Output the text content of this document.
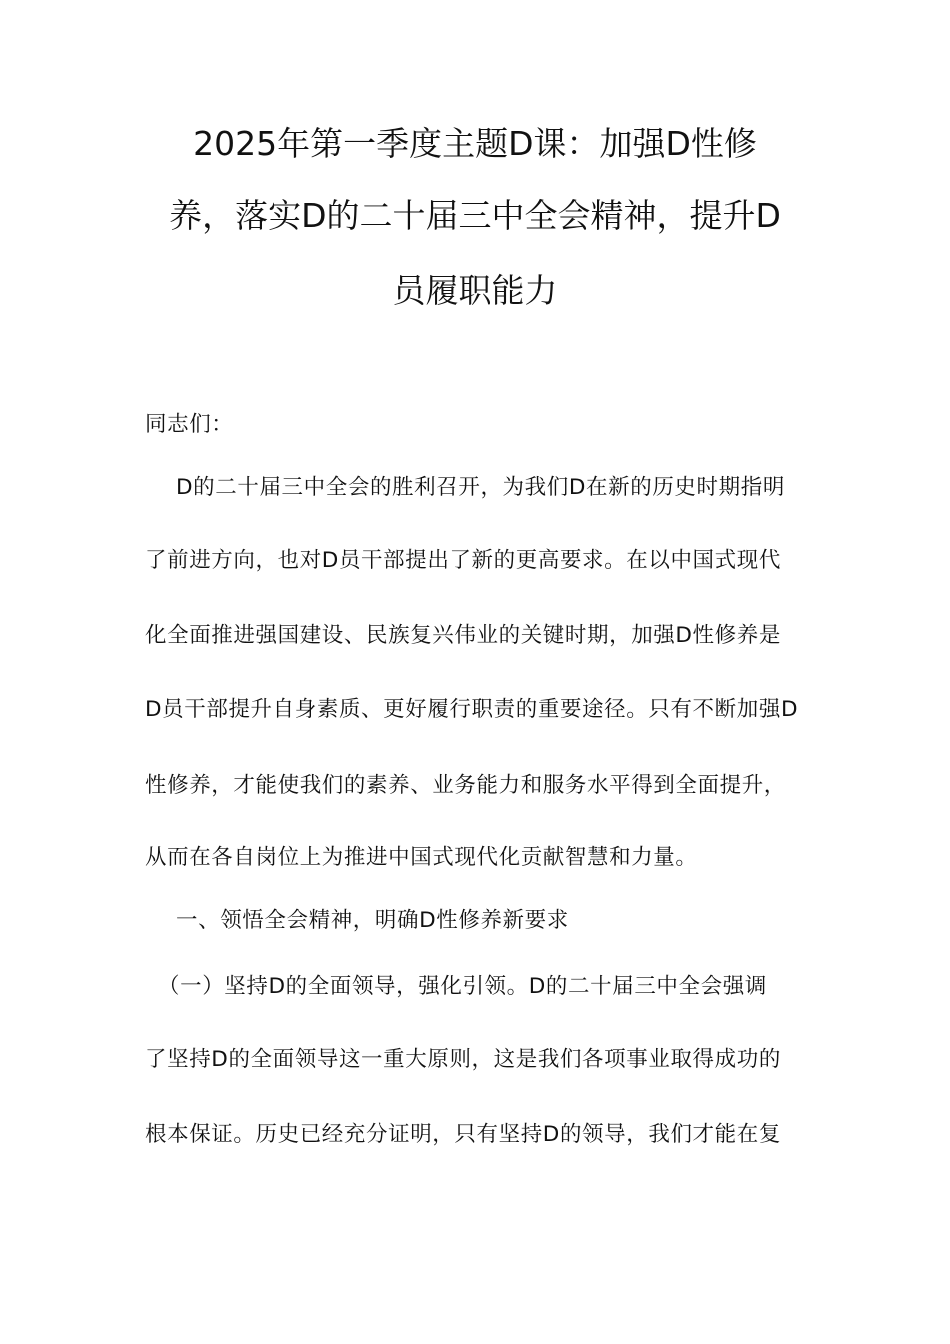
2025年第一季度主题D课：加强D性修
养，落实D的二十届三中全会精神，提升D
员履职能力
同志们：
D的二十届三中全会的胜利召开，为我们D在新的历史时期指明
了前进方向，也对D员干部提出了新的更高要求。在以中国式现代
化全面推进强国建设、民族复兴伟业的关键时期，加强D性修养是
D员干部提升自身素质、更好履行职责的重要途径。只有不断加强D
性修养，才能使我们的素养、业务能力和服务水平得到全面提升，
从而在各自岗位上为推进中国式现代化贡献智慧和力量。
一、领悟全会精神，明确D性修养新要求
（一）坚持D的全面领导，强化引领。D的二十届三中全会强调
了坚持D的全面领导这一重大原则，这是我们各项事业取得成功的
根本保证。历史已经充分证明，只有坚持D的领导，我们才能在复
